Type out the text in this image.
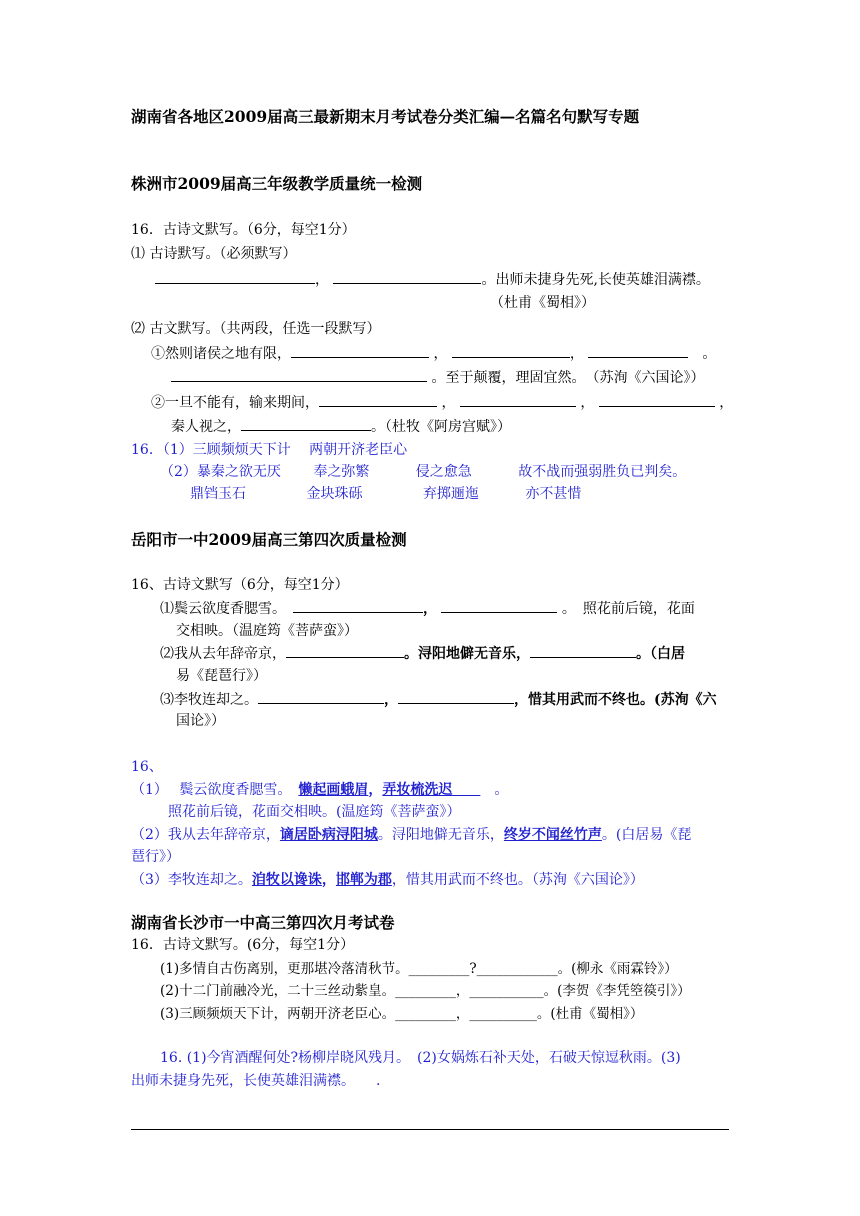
湖南省各地区2009届高三最新期末月考试卷分类汇编—名篇名句默写专题
株洲市2009届高三年级教学质量统一检测
16．古诗文默写。（6分，每空1分）
⑴ 古诗默写。（必须默写）
，	。出师未捷身先死,长使英雄泪满襟。
（杜甫《蜀相》）
⑵ 古文默写。（共两段，任选一段默写）
①然则诸侯之地有限，	，	， 　	。
。至于颠覆，理固宜然。　（苏洵《六国论》）
②一旦不能有，输来期间，	，	，	，
秦人视之，	。（杜牧《阿房宫赋》）
16．（1）三顾频烦天下计　 两朝开济老臣心
（2）暴秦之欲无厌　　 奉之弥繁　　　 侵之愈急　　　 故不战而强弱胜负已判矣。
鼎铛玉石　　　　 金块珠砾　　　　 弃掷逦迤　　　 亦不甚惜
岳阳市一中2009届高三第四次质量检测
16、古诗文默写（6分，每空1分）
⑴鬓云欲度香腮雪。　	，	。　照花前后镜，花面
交相映。（温庭筠《菩萨蛮》）
⑵我从去年辞帝京，	。浔阳地僻无音乐，	。（白居
易《琵琶行》）
⑶李牧连却之。	，	，惜其用武而不终也。(苏洵《六
国论》）
16、
（1）　 鬓云欲度香腮雪。　懒起画蛾眉，弄妆梳洗迟　　　。
照花前后镜，花面交相映。(温庭筠《菩萨蛮》）
（2）我从去年辞帝京，谪居卧病浔阳城。浔阳地僻无音乐，终岁不闻丝竹声。(白居易《琵
琶行》）
（3）李牧连却之。洎牧以谗诛，邯郸为郡，惜其用武而不终也。（苏洵《六国论》）
湖南省长沙市一中高三第四次月考试卷
16．古诗文默写。(6分，每空1分）
(1)多情自古伤离别，更那堪冷落清秋节。_________?____________。(柳永《雨霖铃》）
(2)十二门前融冷光，二十三丝动紫皇。_________，___________。(李贺《李凭箜篌引》）
(3)三顾频烦天下计，两朝开济老臣心。_________，__________。(杜甫《蜀相》）
16. (1)今宵酒醒何处?杨柳岸晓风残月。　(2)女娲炼石补天处，石破天惊逗秋雨。(3)
出师未捷身先死，长使英雄泪满襟。　　.
